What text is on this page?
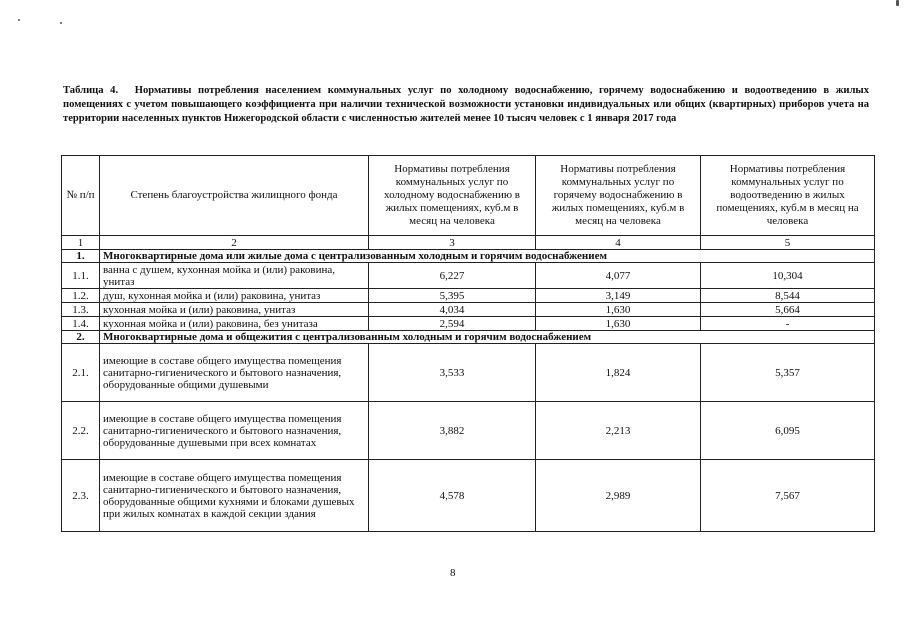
Таблица 4. Нормативы потребления населением коммунальных услуг по холодному водоснабжению, горячему водоснабжению и водоотведению в жилых помещениях с учетом повышающего коэффициента при наличии технической возможности установки индивидуальных или общих (квартирных) приборов учета на территории населенных пунктов Нижегородской области с численностью жителей менее 10 тысяч человек с 1 января 2017 года
№ п/п	Степень благоустройства жилищного фонда	Нормативы потребления коммунальных услуг по холодному водоснабжению в жилых помещениях, куб.м в месяц на человека	Нормативы потребления коммунальных услуг по горячему водоснабжению в жилых помещениях, куб.м в месяц на человека	Нормативы потребления коммунальных услуг по водоотведению в жилых помещениях, куб.м в месяц на человека
1	2	3	4	5
1.	Многоквартирные дома или жилые дома с централизованным холодным и горячим водоснабжением			
1.1.	ванна с душем, кухонная мойка и (или) раковина, унитаз	6,227	4,077	10,304
1.2.	душ, кухонная мойка и (или) раковина, унитаз	5,395	3,149	8,544
1.3.	кухонная мойка и (или) раковина, унитаз	4,034	1,630	5,664
1.4.	кухонная мойка и (или) раковина, без унитаза	2,594	1,630	-
2.	Многоквартирные дома и общежития с централизованным холодным и горячим водоснабжением			
2.1.	имеющие в составе общего имущества помещения санитарно-гигиенического и бытового назначения, оборудованные общими душевыми	3,533	1,824	5,357
2.2.	имеющие в составе общего имущества помещения санитарно-гигиенического и бытового назначения, оборудованные душевыми при всех комнатах	3,882	2,213	6,095
2.3.	имеющие в составе общего имущества помещения санитарно-гигиенического и бытового назначения, оборудованные общими кухнями и блоками душевых при жилых комнатах в каждой секции здания	4,578	2,989	7,567
8
